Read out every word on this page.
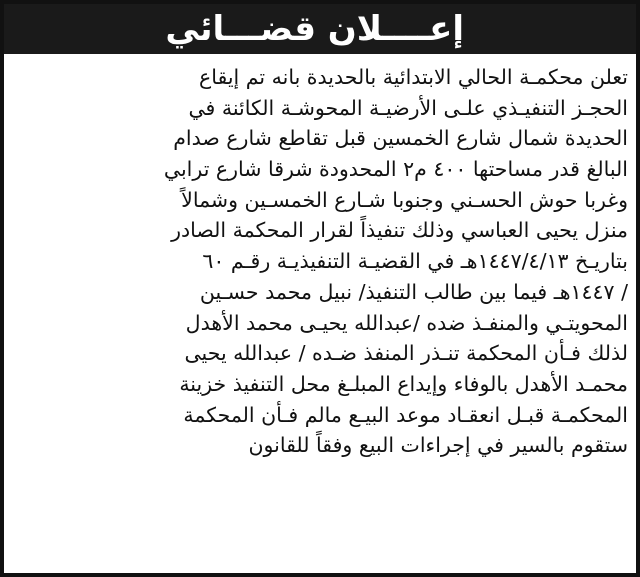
إعــــلان قضـــائي
تعلن محكمـة الحالي الابتدائية بالحديدة بانه تم إيقاع
الحجـز التنفيـذي علـى الأرضيـة المحوشـة الكائنة في
الحديدة شمال شارع الخمسين قبل تقاطع شارع صدام
البالغ قدر مساحتها ٤٠٠ م٢ المحدودة شرقا شارع ترابي
وغربا حوش الحسـني وجنوبا شـارع الخمسـين وشمالاً
منزل يحيى العباسي وذلك تنفيذاً لقرار المحكمة الصادر
بتاريـخ ١٤٤٧/٤/١٣هـ في القضيـة التنفيذيـة رقـم ٦٠
/ ١٤٤٧هـ فيما بين طالب التنفيذ/ نبيل محمد حسـين
المحويتـي والمنفـذ ضده /عبدالله يحيـى محمد الأهدل
لذلك فـأن المحكمة تنـذر المنفذ ضـده / عبدالله يحيى
محمـد الأهدل بالوفاء وإيداع المبلـغ محل التنفيذ خزينة
المحكمـة قبـل انعقـاد موعد البيـع مالم فـأن المحكمة
ستقوم بالسير في إجراءات البيع وفقاً للقانون
